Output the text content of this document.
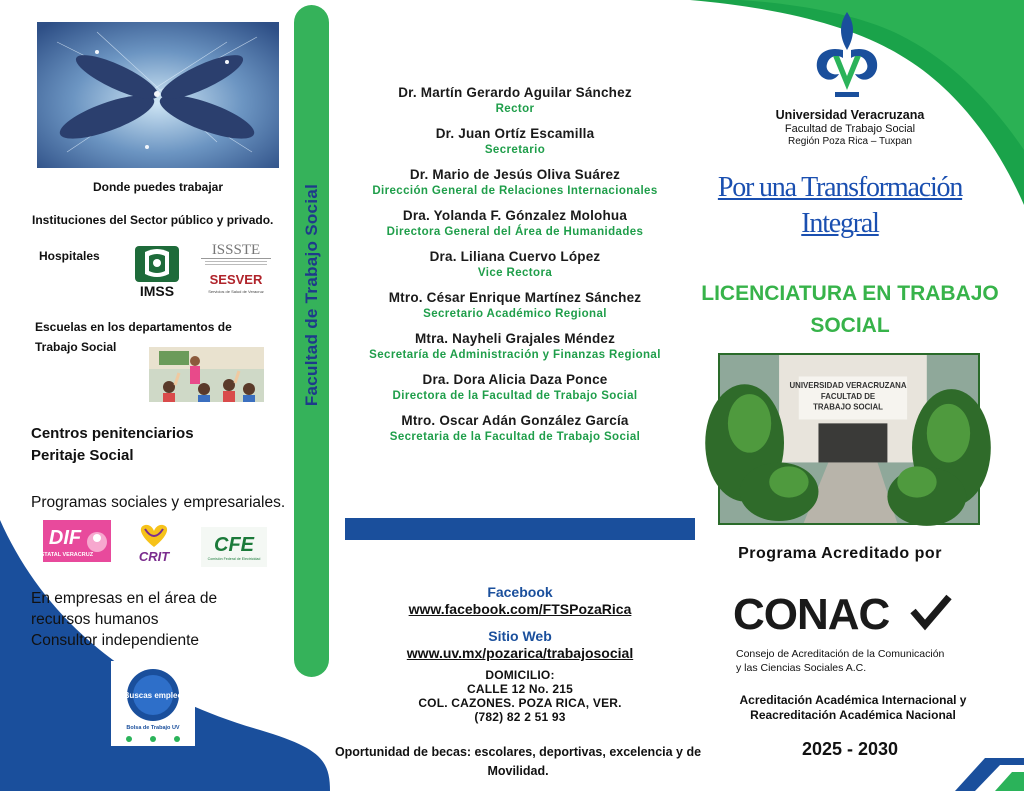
Donde puedes trabajar
Instituciones del Sector público y privado.
Hospitales
IMSS
ISSSTE
SESVER
Servicios de Salud de Veracruz
Escuelas en los departamentos de Trabajo Social
Centros penitenciarios
Peritaje Social
Programas sociales y empresariales.
DIF
ESTATAL VERACRUZ	CRIT
CFE
Comisión Federal de Electricidad
En empresas en el área de
recursos humanos
Consultor independiente
¿Buscas empleo?
Bolsa de Trabajo UV
Facultad de Trabajo Social
Dr. Martín Gerardo Aguilar Sánchez
Rector
Dr. Juan Ortíz Escamilla
Secretario
Dr. Mario de Jesús Oliva Suárez
Dirección General de Relaciones Internacionales
Dra. Yolanda F. Gónzalez Molohua
Directora General del Área de Humanidades
Dra. Liliana Cuervo López
Vice Rectora
Mtro. César Enrique Martínez Sánchez
Secretario Académico Regional
Mtra. Nayheli Grajales Méndez
Secretaría de Administración y Finanzas Regional
Dra. Dora Alicia Daza Ponce
Directora de la Facultad de Trabajo Social
Mtro. Oscar Adán González García
Secretaria de la Facultad de Trabajo Social
Facebook
www.facebook.com/FTSPozaRica
Sitio Web
www.uv.mx/pozarica/trabajosocial
DOMICILIO:
CALLE 12 No. 215
COL. CAZONES. POZA RICA, VER.
(782) 82 2 51 93
Oportunidad de becas: escolares, deportivas, excelencia y de Movilidad.
Universidad Veracruzana
Facultad de Trabajo Social
Región Poza Rica – Tuxpan
Por una Transformación Integral
LICENCIATURA EN TRABAJO SOCIAL
UNIVERSIDAD VERACRUZANA
FACULTAD DE
TRABAJO SOCIAL
Programa Acreditado por
CONAC
Consejo de Acreditación de la Comunicación
y las Ciencias Sociales A.C.
Acreditación Académica Internacional y
Reacreditación Académica Nacional
2025 - 2030
